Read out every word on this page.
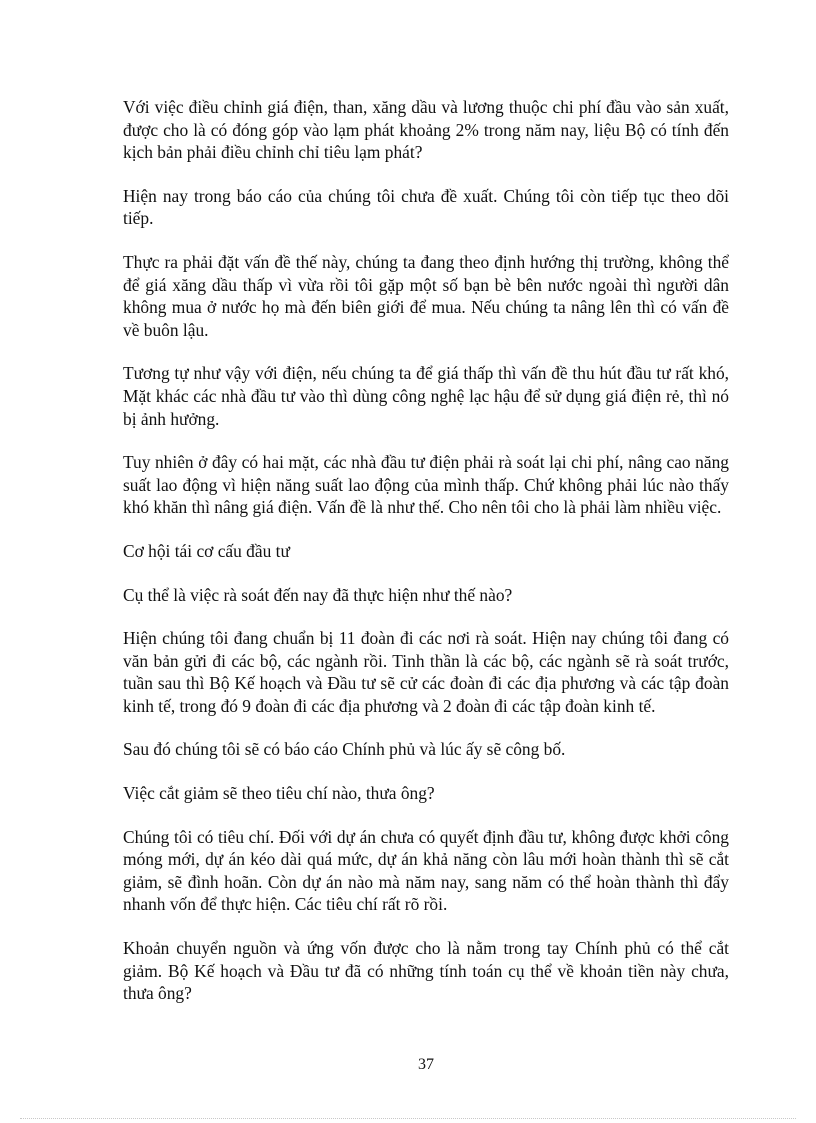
Với việc điều chỉnh giá điện, than, xăng dầu và lương thuộc chi phí đầu vào sản xuất, được cho là có đóng góp vào lạm phát khoảng 2% trong năm nay, liệu Bộ có tính đến kịch bản phải điều chỉnh chỉ tiêu lạm phát?

Hiện nay trong báo cáo của chúng tôi chưa đề xuất. Chúng tôi còn tiếp tục theo dõi tiếp.

Thực ra phải đặt vấn đề thế này, chúng ta đang theo định hướng thị trường, không thể để giá xăng dầu thấp vì vừa rồi tôi gặp một số bạn bè bên nước ngoài thì người dân không mua ở nước họ mà đến biên giới để mua. Nếu chúng ta nâng lên thì có vấn đề về buôn lậu.

Tương tự như vậy với điện, nếu chúng ta để giá thấp thì vấn đề thu hút đầu tư rất khó, Mặt khác các nhà đầu tư vào thì dùng công nghệ lạc hậu để sử dụng giá điện rẻ, thì nó bị ảnh hưởng.

Tuy nhiên ở đây có hai mặt, các nhà đầu tư điện phải rà soát lại chi phí, nâng cao năng suất lao động vì hiện năng suất lao động của mình thấp. Chứ không phải lúc nào thấy khó khăn thì nâng giá điện. Vấn đề là như thế. Cho nên tôi cho là phải làm nhiều việc.

Cơ hội tái cơ cấu đầu tư

Cụ thể là việc rà soát đến nay đã thực hiện như thế nào?

Hiện chúng tôi đang chuẩn bị 11 đoàn đi các nơi rà soát. Hiện nay chúng tôi đang có văn bản gửi đi các bộ, các ngành rồi. Tinh thần là các bộ, các ngành sẽ rà soát trước, tuần sau thì Bộ Kế hoạch và Đầu tư sẽ cử các đoàn đi các địa phương và các tập đoàn kinh tế, trong đó 9 đoàn đi các địa phương và 2 đoàn đi các tập đoàn kinh tế.

Sau đó chúng tôi sẽ có báo cáo Chính phủ và lúc ấy sẽ công bố.

Việc cắt giảm sẽ theo tiêu chí nào, thưa ông?

Chúng tôi có tiêu chí. Đối với dự án chưa có quyết định đầu tư, không được khởi công móng mới, dự án kéo dài quá mức, dự án khả năng còn lâu mới hoàn thành thì sẽ cắt giảm, sẽ đình hoãn. Còn dự án nào mà năm nay, sang năm có thể hoàn thành thì đẩy nhanh vốn để thực hiện. Các tiêu chí rất rõ rồi.

Khoản chuyển nguồn và ứng vốn được cho là nằm trong tay Chính phủ có thể cắt giảm. Bộ Kế hoạch và Đầu tư đã có những tính toán cụ thể về khoản tiền này chưa, thưa ông?

37
